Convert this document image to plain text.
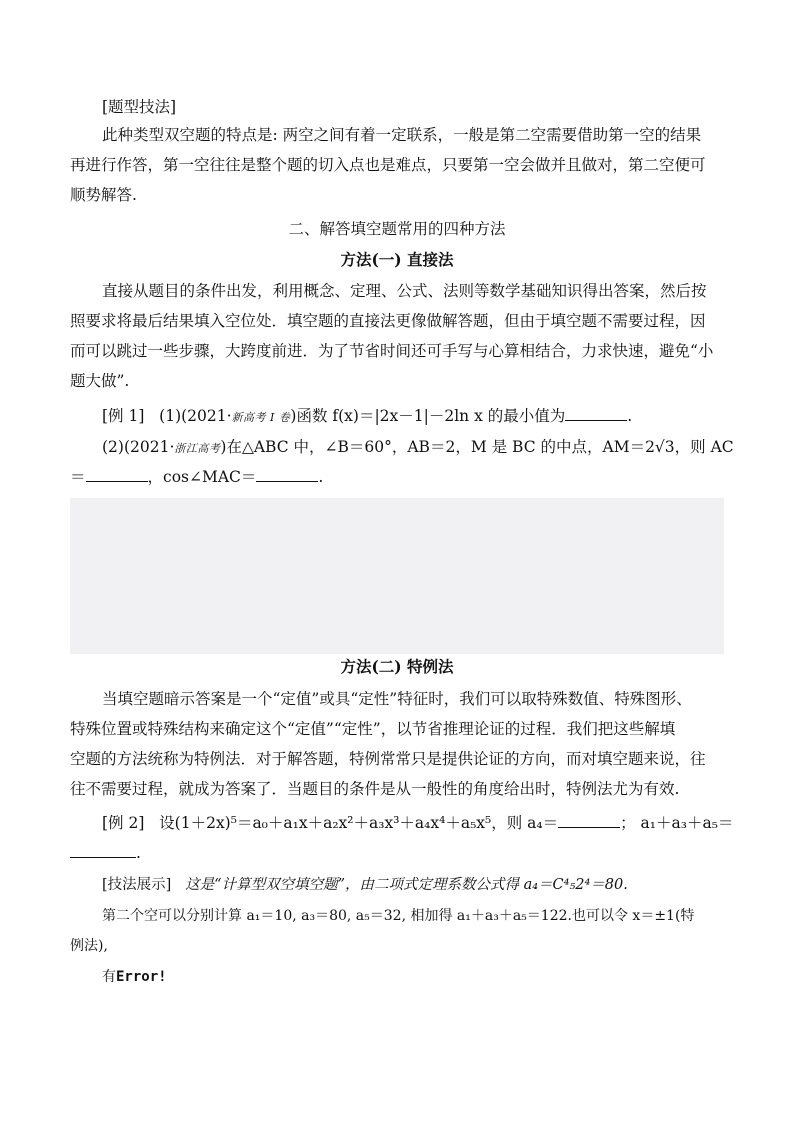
[题型技法]
此种类型双空题的特点是: 两空之间有着一定联系，一般是第二空需要借助第一空的结果
再进行作答，第一空往往是整个题的切入点也是难点，只要第一空会做并且做对，第二空便可
顺势解答.
二、解答填空题常用的四种方法
方法(一) 直接法
直接从题目的条件出发，利用概念、定理、公式、法则等数学基础知识得出答案，然后按
照要求将最后结果填入空位处．填空题的直接法更像做解答题，但由于填空题不需要过程，因
而可以跳过一些步骤，大跨度前进．为了节省时间还可手写与心算相结合，力求快速，避免“小
题大做”.
[例 1] (1)(2021·新高考 Ⅰ 卷)函数 f(x)＝|2x－1|－2ln x 的最小值为	.
(2)(2021·浙江高考)在△ABC 中，∠B＝60°，AB＝2，M 是 BC 的中点，AM＝2√3，则 AC
＝	，cos∠MAC＝	.
方法(二) 特例法
当填空题暗示答案是一个“定值”或具“定性”特征时，我们可以取特殊数值、特殊图形、
特殊位置或特殊结构来确定这个“定值”“定性”，以节省推理论证的过程．我们把这些解填
空题的方法统称为特例法．对于解答题，特例常常只是提供论证的方向，而对填空题来说，往
往不需要过程，就成为答案了．当题目的条件是从一般性的角度给出时，特例法尤为有效.
[例 2] 设(1＋2x)⁵＝a₀＋a₁x＋a₂x²＋a₃x³＋a₄x⁴＋a₅x⁵，则 a₄＝	； a₁＋a₃＋a₅＝
.
[技法展示] 这是“计算型双空填空题”，由二项式定理系数公式得 a₄＝C⁴₅2⁴＝80.
第二个空可以分别计算 a₁＝10, a₃＝80, a₅＝32, 相加得 a₁＋a₃＋a₅＝122.也可以令 x＝±1(特
例法),
有Error!
